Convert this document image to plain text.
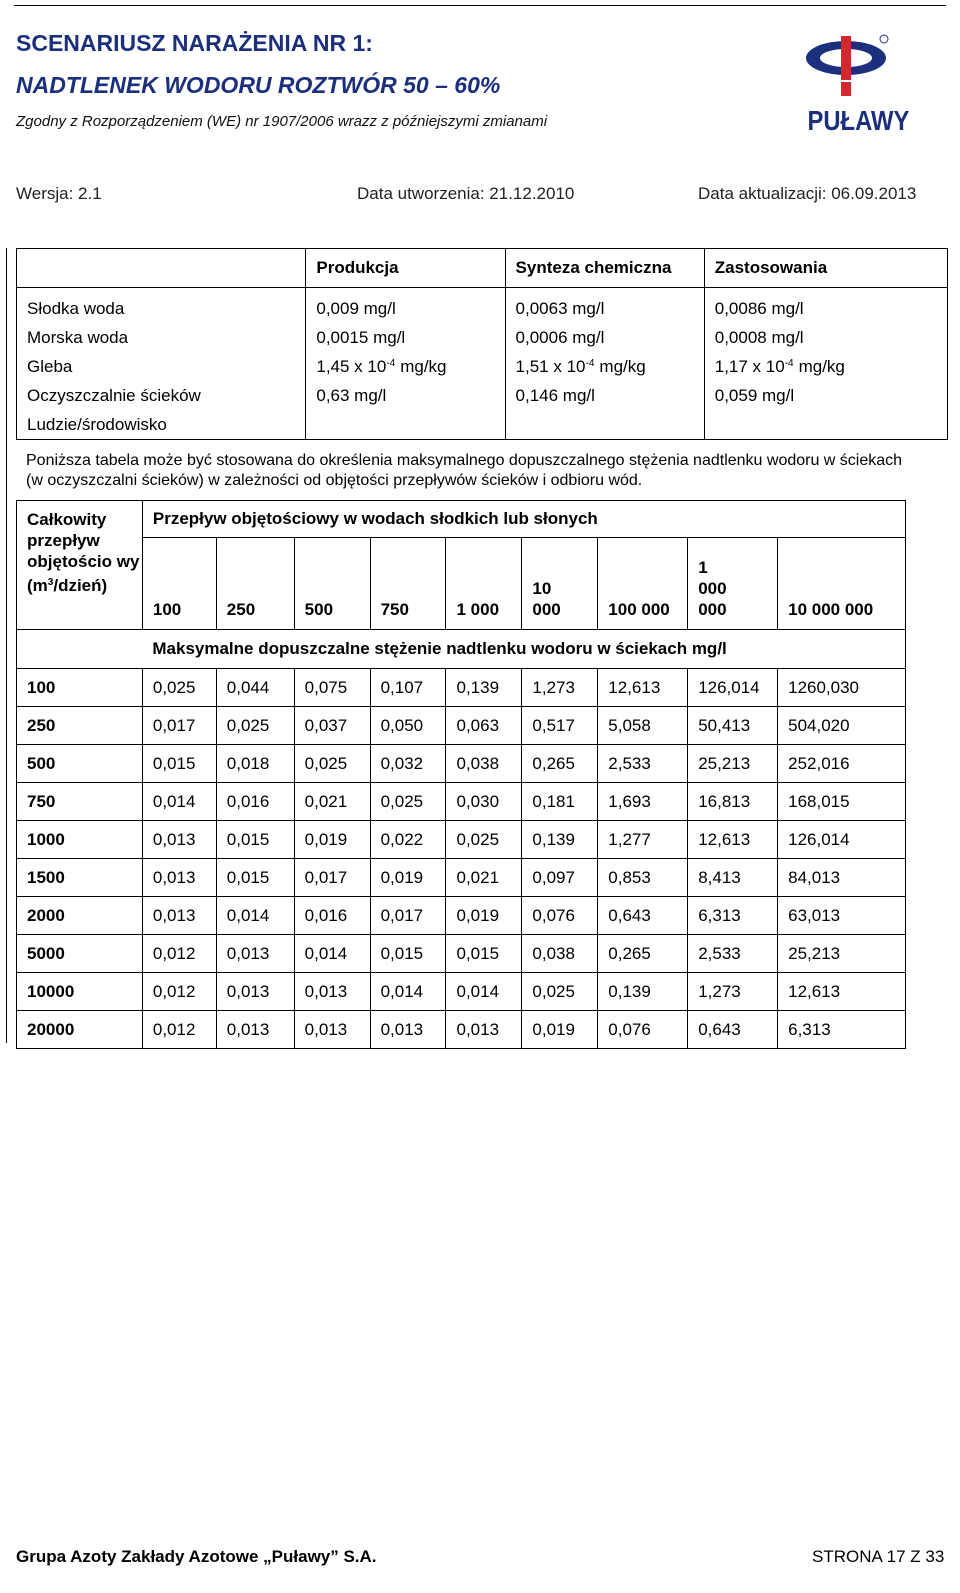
SCENARIUSZ NARAŻENIA NR 1:
NADTLENEK WODORU ROZTWÓR 50 – 60%
Zgodny z Rozporządzeniem (WE) nr 1907/2006 wrazz z późniejszymi zmianami	PUŁAWY
Wersja: 2.1	Data utworzenia: 21.12.2010	Data aktualizacji: 06.09.2013
	Produkcja	Synteza chemiczna	Zastosowania
Słodka woda	0,009 mg/l	0,0063 mg/l	0,0086 mg/l
Morska woda	0,0015 mg/l	0,0006 mg/l	0,0008 mg/l
Gleba	1,45 x $10^{-4}$ mg/kg	1,51 x $10^{-4}$ mg/kg	1,17 x $10^{-4}$ mg/kg
Oczyszczalnie ścieków	0,63 mg/l	0,146 mg/l	0,059 mg/l
Ludzie/środowisko			
Poniższa tabela może być stosowana do określenia maksymalnego dopuszczalnego stężenia nadtlenku wodoru w ściekach (w oczyszczalni ścieków) w zależności od objętości przepływów ścieków i odbioru wód.
Całkowity przepływ objętościo wy
$(m^3/dzień)$	Przepływ objętościowy w wodach słodkich lub słonych								
	100	250	500	750	1 000	10 000	100 000	1 000 000	10 000 000
	Maksymalne dopuszczalne stężenie nadtlenku wodoru w ściekach mg/l								
100	0,025	0,044	0,075	0,107	0,139	1,273	12,613	126,014	1260,030
250	0,017	0,025	0,037	0,050	0,063	0,517	5,058	50,413	504,020
500	0,015	0,018	0,025	0,032	0,038	0,265	2,533	25,213	252,016
750	0,014	0,016	0,021	0,025	0,030	0,181	1,693	16,813	168,015
1000	0,013	0,015	0,019	0,022	0,025	0,139	1,277	12,613	126,014
1500	0,013	0,015	0,017	0,019	0,021	0,097	0,853	8,413	84,013
2000	0,013	0,014	0,016	0,017	0,019	0,076	0,643	6,313	63,013
5000	0,012	0,013	0,014	0,015	0,015	0,038	0,265	2,533	25,213
10000	0,012	0,013	0,013	0,014	0,014	0,025	0,139	1,273	12,613
20000	0,012	0,013	0,013	0,013	0,013	0,019	0,076	0,643	6,313
Grupa Azoty Zakłady Azotowe „Puławy” S.A.	STRONA 17 Z 33
